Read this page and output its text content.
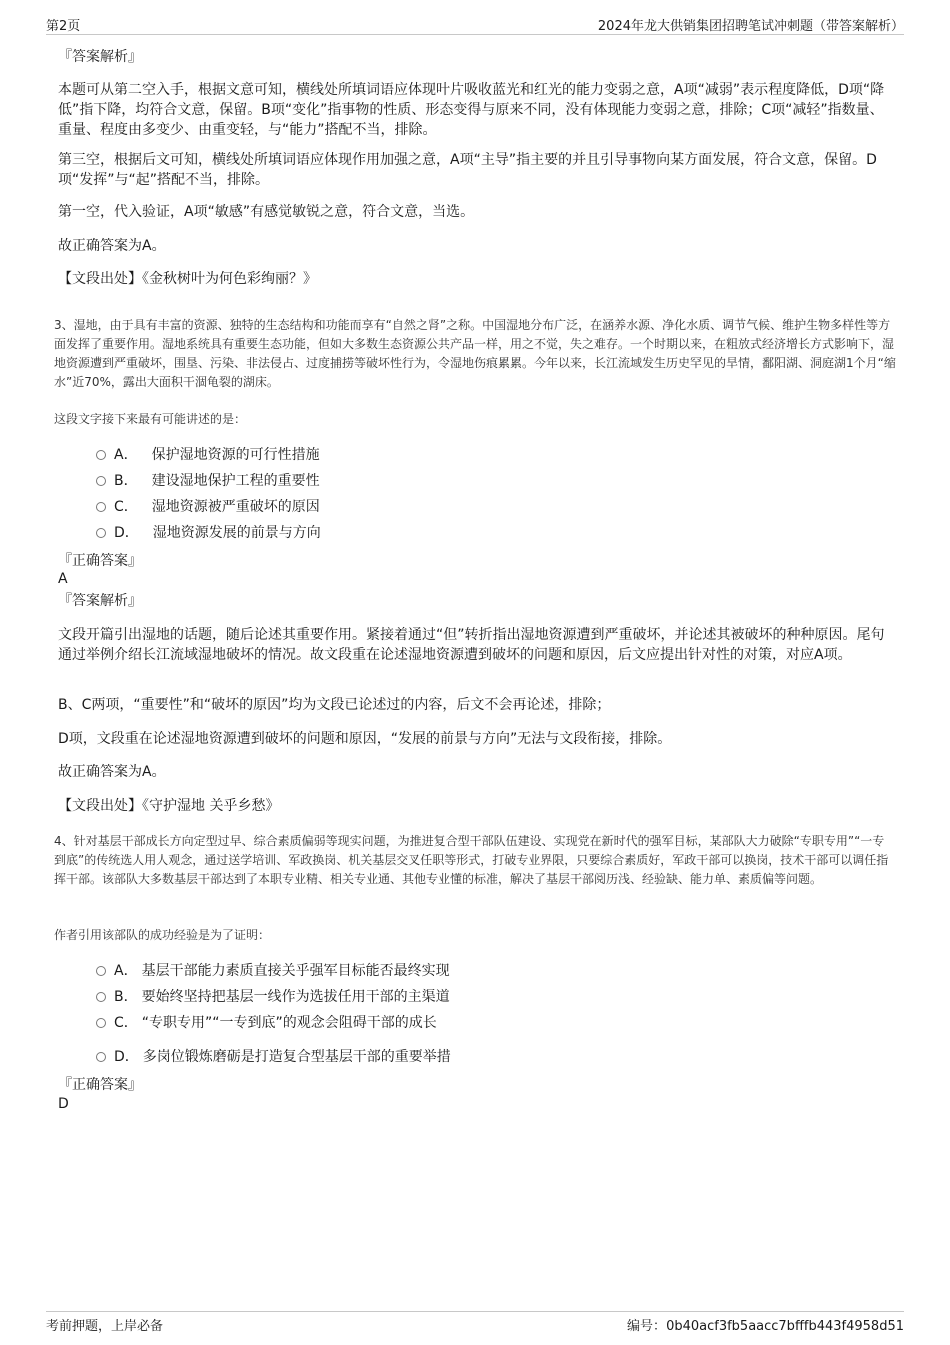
第2页	2024年龙大供销集团招聘笔试冲刺题（带答案解析）

『答案解析』

本题可从第二空入手，根据文意可知，横线处所填词语应体现叶片吸收蓝光和红光的能力变弱之意，A项“减弱”表示程度降低，D项“降低”指下降，均符合文意，保留。B项“变化”指事物的性质、形态变得与原来不同，没有体现能力变弱之意，排除；C项“减轻”指数量、重量、程度由多变少、由重变轻，与“能力”搭配不当，排除。

第三空，根据后文可知，横线处所填词语应体现作用加强之意，A项“主导”指主要的并且引导事物向某方面发展，符合文意，保留。D项“发挥”与“起”搭配不当，排除。

第一空，代入验证，A项“敏感”有感觉敏锐之意，符合文意，当选。

故正确答案为A。

【文段出处】《金秋树叶为何色彩绚丽？》

3、湿地，由于具有丰富的资源、独特的生态结构和功能而享有“自然之肾”之称。中国湿地分布广泛，在涵养水源、净化水质、调节气候、维护生物多样性等方面发挥了重要作用。湿地系统具有重要生态功能，但如大多数生态资源公共产品一样，用之不觉，失之难存。一个时期以来，在粗放式经济增长方式影响下，湿地资源遭到严重破坏，围垦、污染、非法侵占、过度捕捞等破坏性行为，令湿地伤痕累累。今年以来，长江流域发生历史罕见的旱情，鄱阳湖、洞庭湖1个月“缩水”近70%，露出大面积干涸龟裂的湖床。

这段文字接下来最有可能讲述的是：

A． 保护湿地资源的可行性措施
B． 建设湿地保护工程的重要性
C． 湿地资源被严重破坏的原因
D． 湿地资源发展的前景与方向

『正确答案』

A

『答案解析』

文段开篇引出湿地的话题，随后论述其重要作用。紧接着通过“但”转折指出湿地资源遭到严重破坏，并论述其被破坏的种种原因。尾句通过举例介绍长江流域湿地破坏的情况。故文段重在论述湿地资源遭到破坏的问题和原因，后文应提出针对性的对策，对应A项。

B、C两项，“重要性”和“破坏的原因”均为文段已论述过的内容，后文不会再论述，排除；

D项，文段重在论述湿地资源遭到破坏的问题和原因，“发展的前景与方向”无法与文段衔接，排除。

故正确答案为A。

【文段出处】《守护湿地 关乎乡愁》

4、针对基层干部成长方向定型过早、综合素质偏弱等现实问题，为推进复合型干部队伍建设、实现党在新时代的强军目标，某部队大力破除“专职专用”“一专到底”的传统选人用人观念，通过送学培训、军政换岗、机关基层交叉任职等形式，打破专业界限，只要综合素质好，军政干部可以换岗，技术干部可以调任指挥干部。该部队大多数基层干部达到了本职专业精、相关专业通、其他专业懂的标准，解决了基层干部阅历浅、经验缺、能力单、素质偏等问题。

作者引用该部队的成功经验是为了证明：

A． 基层干部能力素质直接关乎强军目标能否最终实现
B． 要始终坚持把基层一线作为选拔任用干部的主渠道
C． “专职专用”“一专到底”的观念会阻碍干部的成长
D． 多岗位锻炼磨砺是打造复合型基层干部的重要举措

『正确答案』

D

考前押题，上岸必备	编号：0b40acf3fb5aacc7bfffb443f4958d51
